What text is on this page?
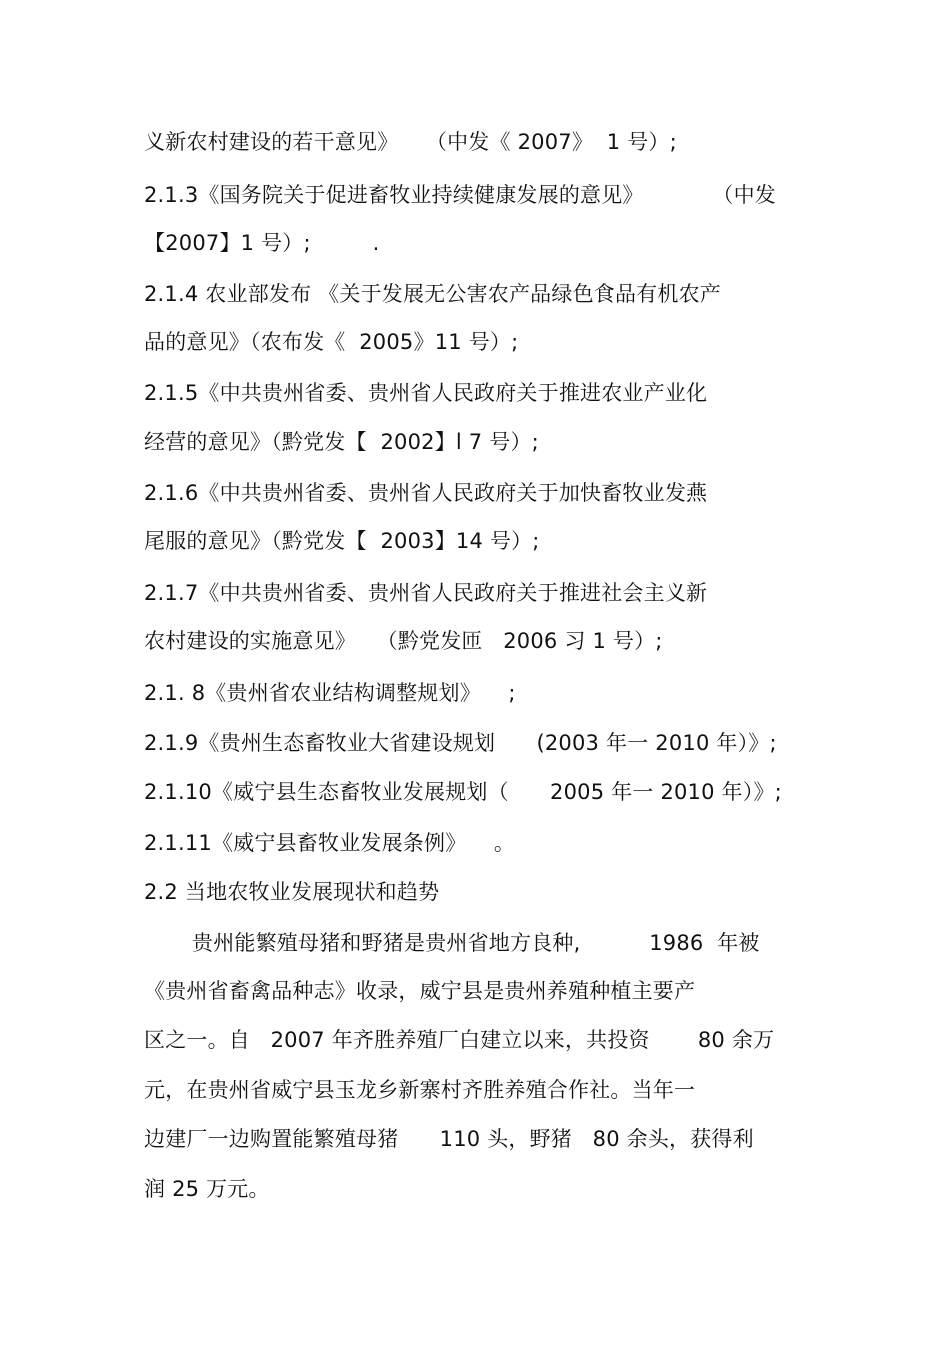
义新农村建设的若干意见》    （中发《 2007》  1 号）;
2.1.3《国务院关于促进畜牧业持续健康发展的意见》          （中发
【2007】1 号）;         .
2.1.4 农业部发布 《关于发展无公害农产品绿色食品有机农产
品的意见》（农布发《  2005》11 号）;
2.1.5《中共贵州省委、贵州省人民政府关于推进农业产业化
经营的意见》（黔党发【  2002】l 7 号）;
2.1.6《中共贵州省委、贵州省人民政府关于加快畜牧业发燕
尾服的意见》（黔党发【  2003】14 号）;
2.1.7《中共贵州省委、贵州省人民政府关于推进社会主义新
农村建设的实施意见》   （黔党发匝   2006 习 1 号）;
2.1. 8《贵州省农业结构调整规划》    ;
2.1.9《贵州生态畜牧业大省建设规划      (2003 年一 2010 年）》;
2.1.10《威宁县生态畜牧业发展规划（      2005 年一 2010 年）》;
2.1.11《威宁县畜牧业发展条例》    。
2.2 当地农牧业发展现状和趋势
贵州能繁殖母猪和野猪是贵州省地方良种,          1986  年被
《贵州省畜禽品种志》收录，威宁县是贵州养殖种植主要产
区之一。自   2007 年齐胜养殖厂白建立以来，共投资       80 余万
元，在贵州省威宁县玉龙乡新寨村齐胜养殖合作社。当年一
边建厂一边购置能繁殖母猪      110 头，野猪   80 余头，获得利
润 25 万元。
